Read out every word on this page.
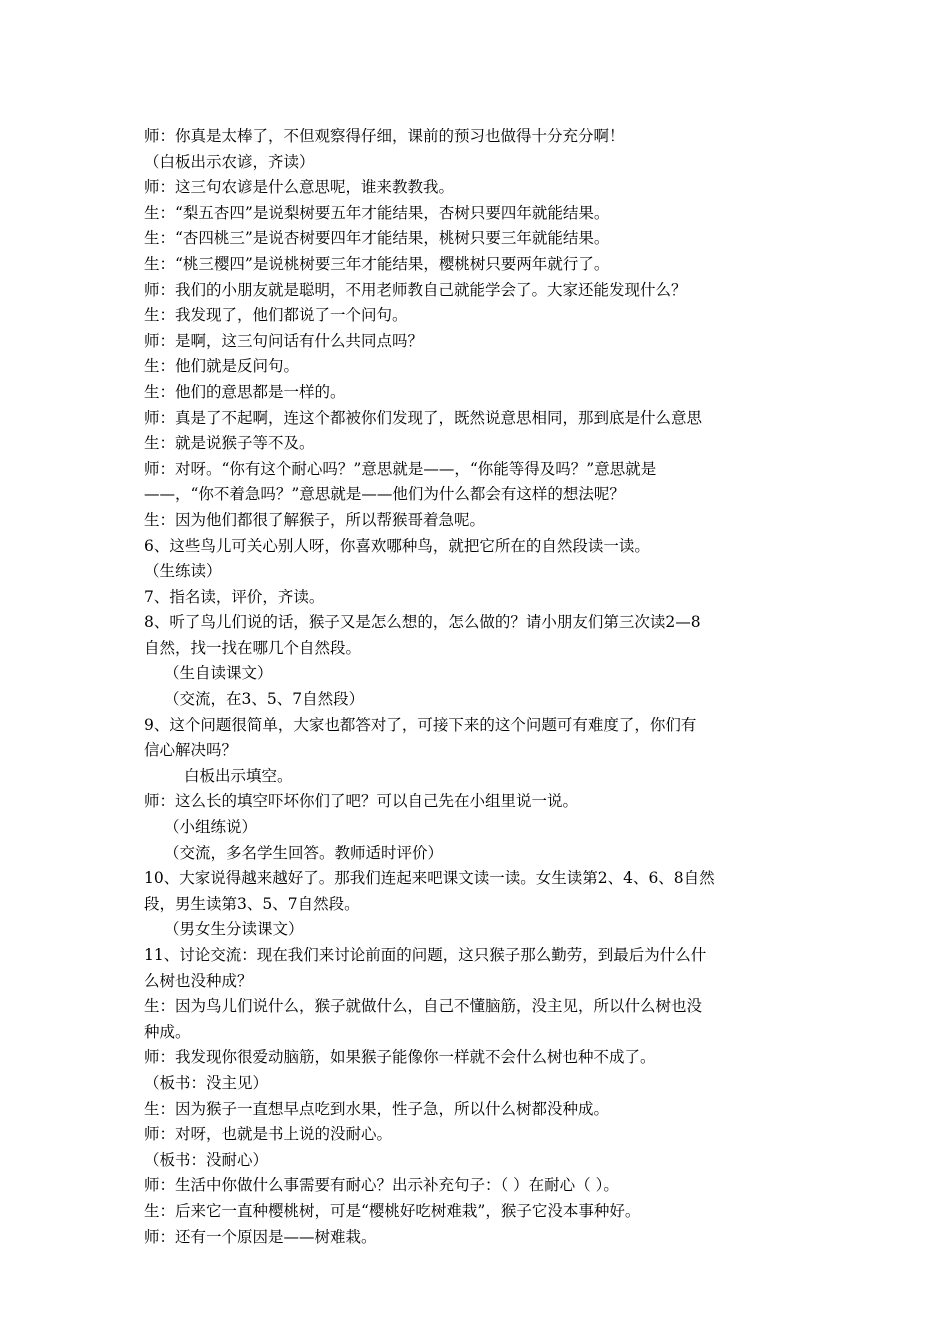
师：你真是太棒了，不但观察得仔细，课前的预习也做得十分充分啊！
（白板出示农谚，齐读）
师：这三句农谚是什么意思呢，谁来教教我。
生：“梨五杏四”是说梨树要五年才能结果，杏树只要四年就能结果。
生：“杏四桃三”是说杏树要四年才能结果，桃树只要三年就能结果。
生：“桃三樱四”是说桃树要三年才能结果，樱桃树只要两年就行了。
师：我们的小朋友就是聪明，不用老师教自己就能学会了。大家还能发现什么？
生：我发现了，他们都说了一个问句。
师：是啊，这三句问话有什么共同点吗？
生：他们就是反问句。
生：他们的意思都是一样的。
师：真是了不起啊，连这个都被你们发现了，既然说意思相同，那到底是什么意思
生：就是说猴子等不及。
师：对呀。“你有这个耐心吗？”意思就是——，“你能等得及吗？”意思就是
——，“你不着急吗？”意思就是——他们为什么都会有这样的想法呢？
生：因为他们都很了解猴子，所以帮猴哥着急呢。
6、这些鸟儿可关心别人呀，你喜欢哪种鸟，就把它所在的自然段读一读。
（生练读）
7、指名读，评价，齐读。
8、听了鸟儿们说的话，猴子又是怎么想的，怎么做的？请小朋友们第三次读2—8
自然，找一找在哪几个自然段。
（生自读课文）
（交流，在3、5、7自然段）
9、这个问题很简单，大家也都答对了，可接下来的这个问题可有难度了，你们有
信心解决吗？
白板出示填空。
师：这么长的填空吓坏你们了吧？可以自己先在小组里说一说。
（小组练说）
（交流，多名学生回答。教师适时评价）
10、大家说得越来越好了。那我们连起来吧课文读一读。女生读第2、4、6、8自然
段，男生读第3、5、7自然段。
（男女生分读课文）
11、讨论交流：现在我们来讨论前面的问题，这只猴子那么勤劳，到最后为什么什
么树也没种成？
生：因为鸟儿们说什么，猴子就做什么，自己不懂脑筋，没主见，所以什么树也没
种成。
师：我发现你很爱动脑筋，如果猴子能像你一样就不会什么树也种不成了。
（板书：没主见）
生：因为猴子一直想早点吃到水果，性子急，所以什么树都没种成。
师：对呀，也就是书上说的没耐心。
（板书：没耐心）
师：生活中你做什么事需要有耐心？出示补充句子：（ ）在耐心（ ）。
生：后来它一直种樱桃树，可是“樱桃好吃树难栽”，猴子它没本事种好。
师：还有一个原因是——树难栽。
